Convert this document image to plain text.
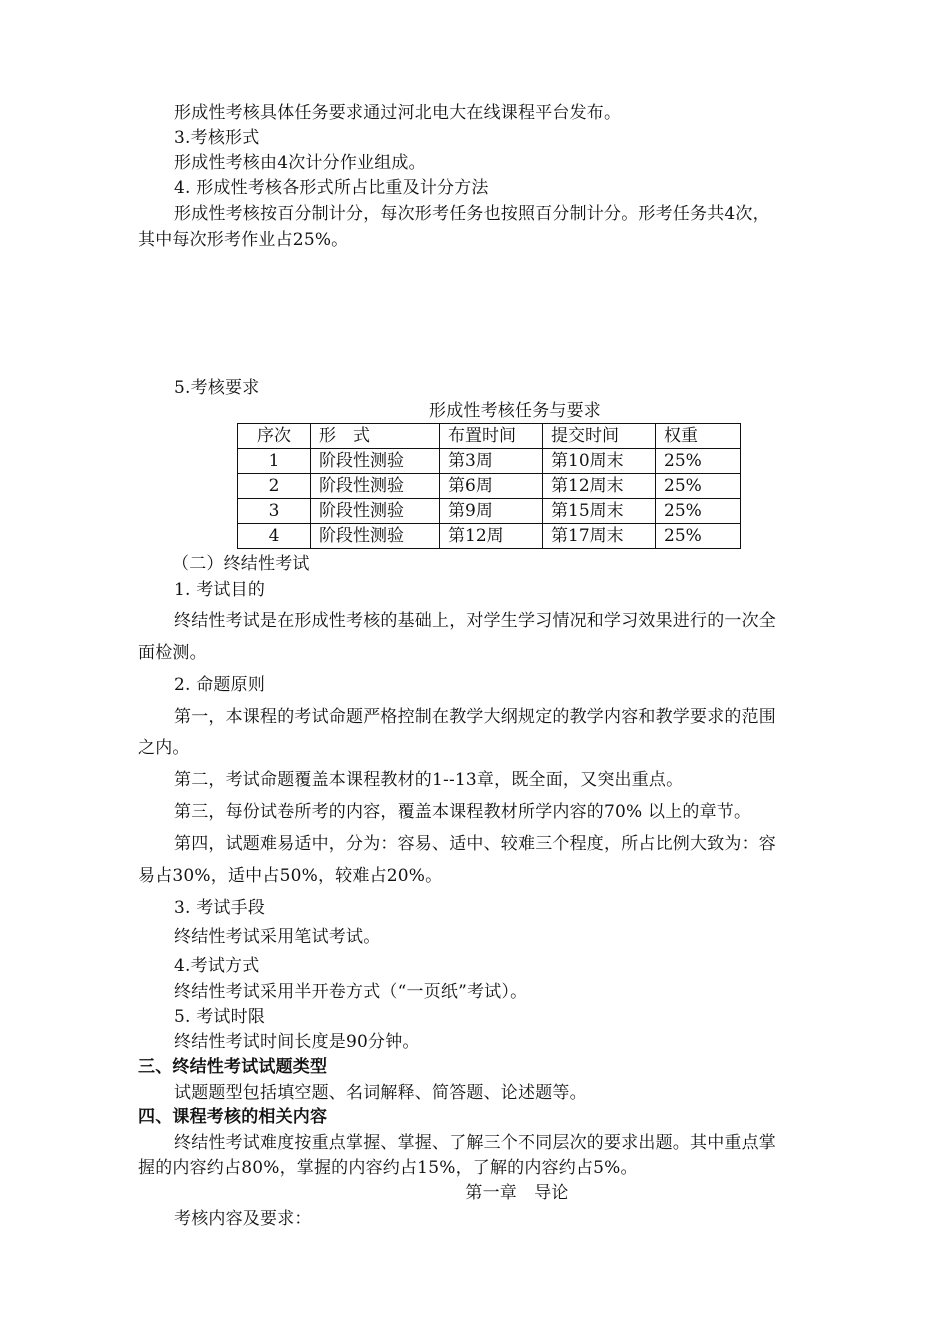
形成性考核具体任务要求通过河北电大在线课程平台发布。
3.考核形式
形成性考核由4次计分作业组成。
4. 形成性考核各形式所占比重及计分方法
形成性考核按百分制计分，每次形考任务也按照百分制计分。形考任务共4次，
其中每次形考作业占25%。
5.考核要求
形成性考核任务与要求
序次	形　式	布置时间	提交时间	权重
1	阶段性测验	第3周	第10周末	25%
2	阶段性测验	第6周	第12周末	25%
3	阶段性测验	第9周	第15周末	25%
4	阶段性测验	第12周	第17周末	25%
（二）终结性考试
1. 考试目的
终结性考试是在形成性考核的基础上，对学生学习情况和学习效果进行的一次全
面检测。
2. 命题原则
第一，本课程的考试命题严格控制在教学大纲规定的教学内容和教学要求的范围
之内。
第二，考试命题覆盖本课程教材的1--13章，既全面，又突出重点。
第三，每份试卷所考的内容，覆盖本课程教材所学内容的70% 以上的章节。
第四，试题难易适中，分为：容易、适中、较难三个程度，所占比例大致为：容
易占30%，适中占50%，较难占20%。
3. 考试手段
终结性考试采用笔试考试。
4.考试方式
终结性考试采用半开卷方式（“一页纸”考试）。
5. 考试时限
终结性考试时间长度是90分钟。
三、终结性考试试题类型
试题题型包括填空题、名词解释、简答题、论述题等。
四、课程考核的相关内容
终结性考试难度按重点掌握、掌握、了解三个不同层次的要求出题。其中重点掌
握的内容约占80%，掌握的内容约占15%，了解的内容约占5%。
第一章　导论
考核内容及要求：
